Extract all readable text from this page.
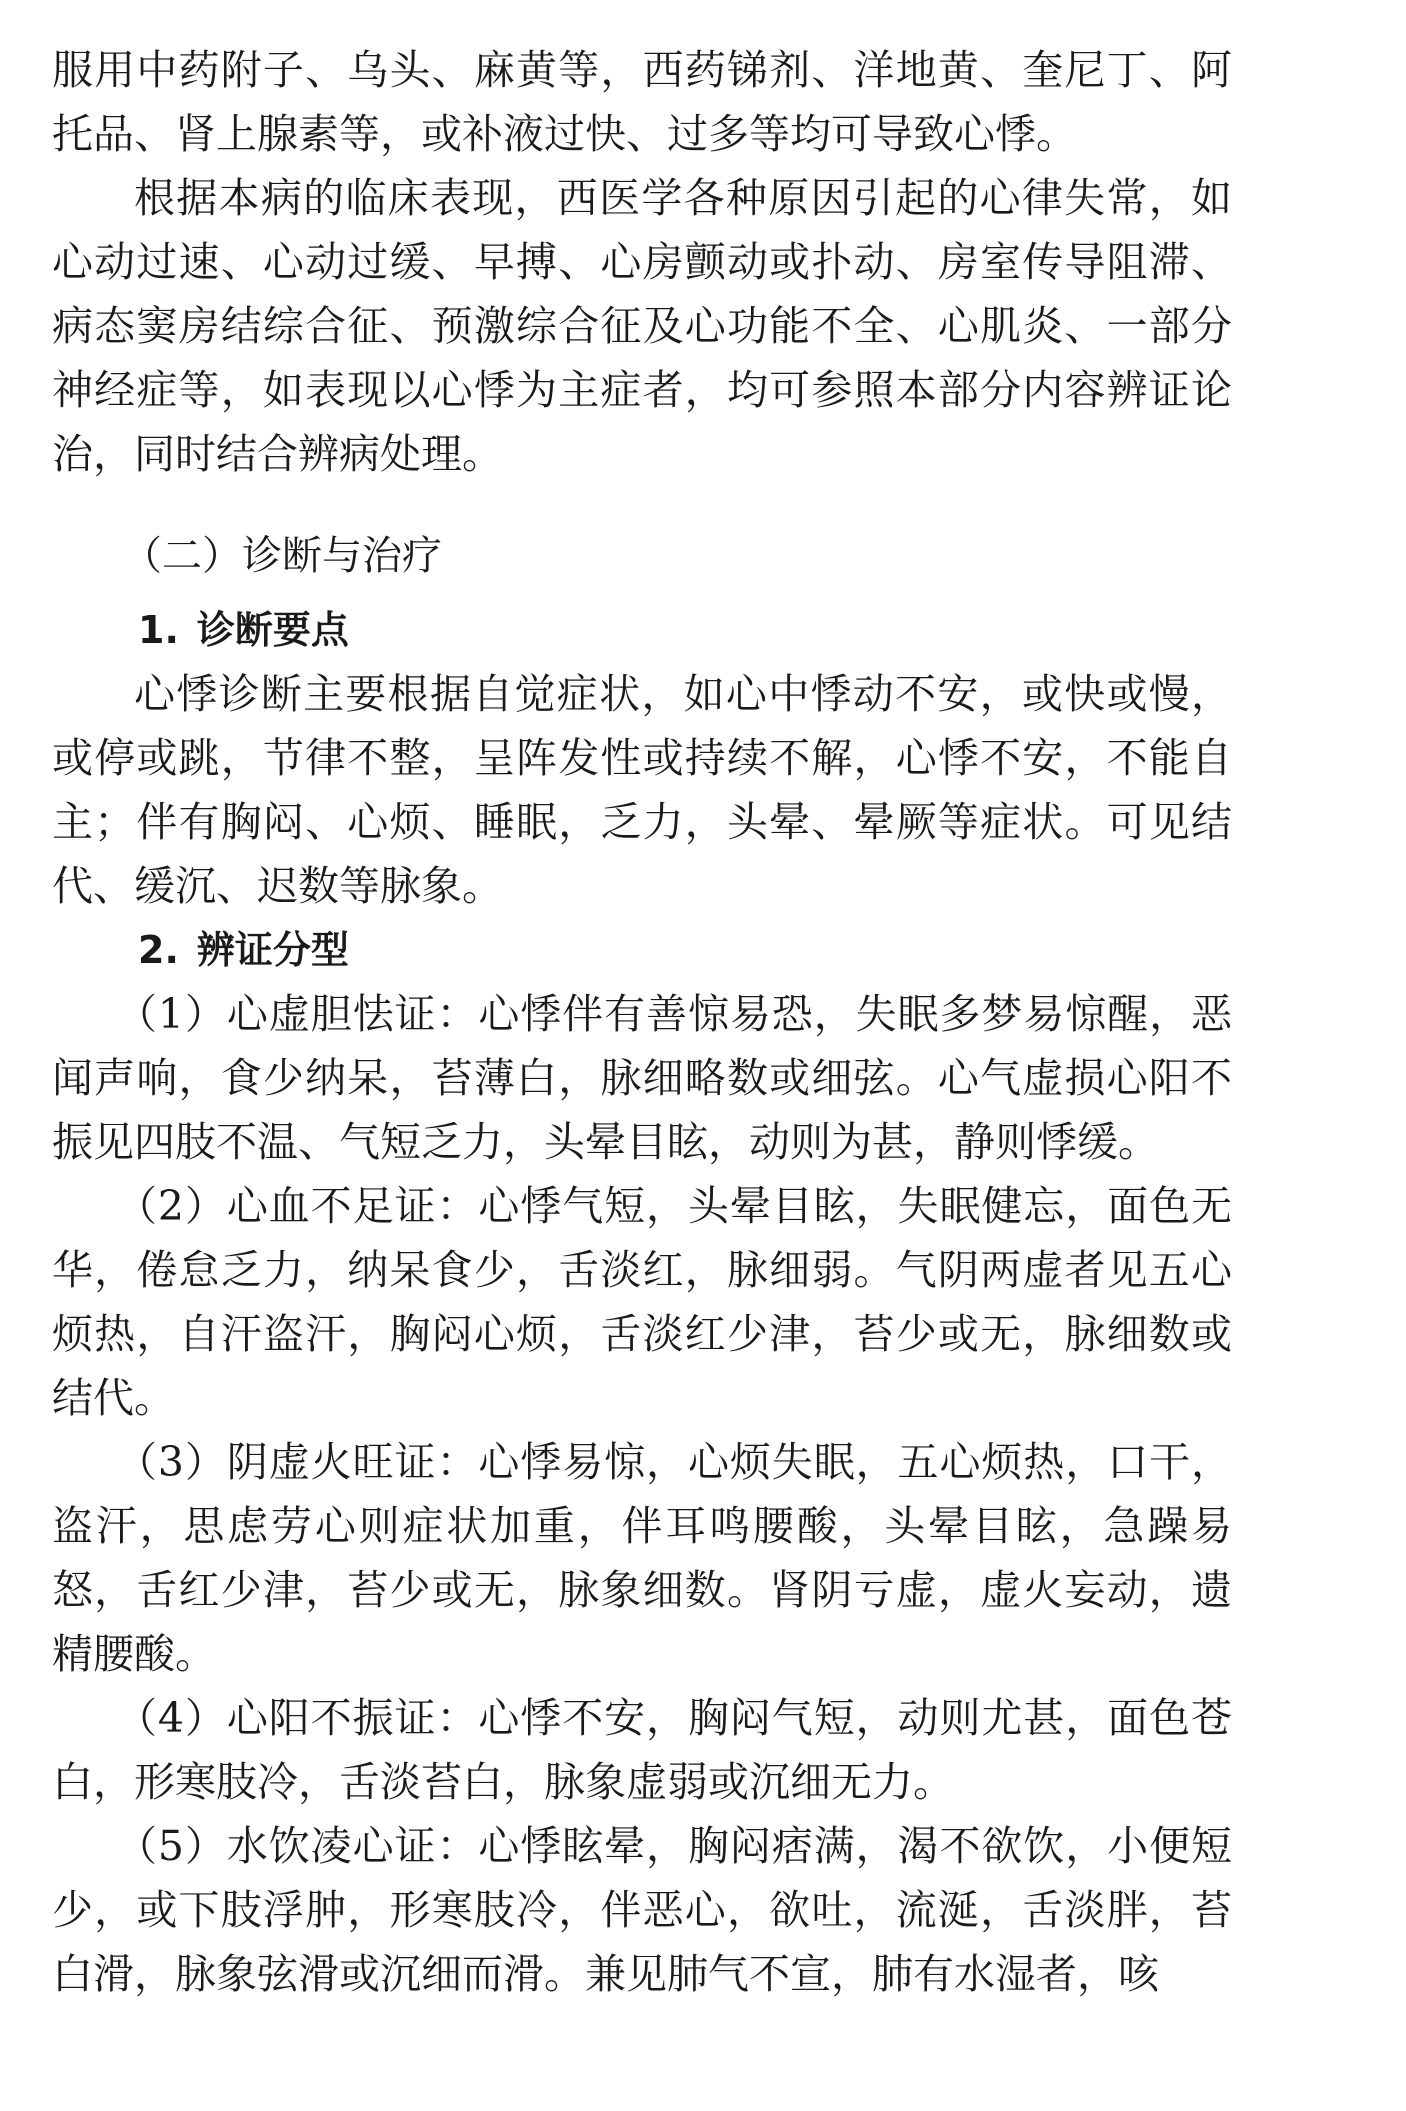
服用中药附子、乌头、麻黄等，西药锑剂、洋地黄、奎尼丁、阿托品、肾上腺素等，或补液过快、过多等均可导致心悸。

根据本病的临床表现，西医学各种原因引起的心律失常，如心动过速、心动过缓、早搏、心房颤动或扑动、房室传导阻滞、病态窦房结综合征、预激综合征及心功能不全、心肌炎、一部分神经症等，如表现以心悸为主症者，均可参照本部分内容辨证论治，同时结合辨病处理。

（二）诊断与治疗
1. 诊断要点

心悸诊断主要根据自觉症状，如心中悸动不安，或快或慢，或停或跳，节律不整，呈阵发性或持续不解，心悸不安，不能自主；伴有胸闷、心烦、睡眠，乏力，头晕、晕厥等症状。可见结代、缓沉、迟数等脉象。

2. 辨证分型

（1）心虚胆怯证：心悸伴有善惊易恐，失眠多梦易惊醒，恶闻声响，食少纳呆，苔薄白，脉细略数或细弦。心气虚损心阳不振见四肢不温、气短乏力，头晕目眩，动则为甚，静则悸缓。

（2）心血不足证：心悸气短，头晕目眩，失眠健忘，面色无华，倦怠乏力，纳呆食少，舌淡红，脉细弱。气阴两虚者见五心烦热，自汗盗汗，胸闷心烦，舌淡红少津，苔少或无，脉细数或结代。

（3）阴虚火旺证：心悸易惊，心烦失眠，五心烦热，口干，盗汗，思虑劳心则症状加重，伴耳鸣腰酸，头晕目眩，急躁易怒，舌红少津，苔少或无，脉象细数。肾阴亏虚，虚火妄动，遗精腰酸。

（4）心阳不振证：心悸不安，胸闷气短，动则尤甚，面色苍白，形寒肢冷，舌淡苔白，脉象虚弱或沉细无力。

（5）水饮凌心证：心悸眩晕，胸闷痞满，渴不欲饮，小便短少，或下肢浮肿，形寒肢冷，伴恶心，欲吐，流涎，舌淡胖，苔白滑，脉象弦滑或沉细而滑。兼见肺气不宣，肺有水湿者，咳
